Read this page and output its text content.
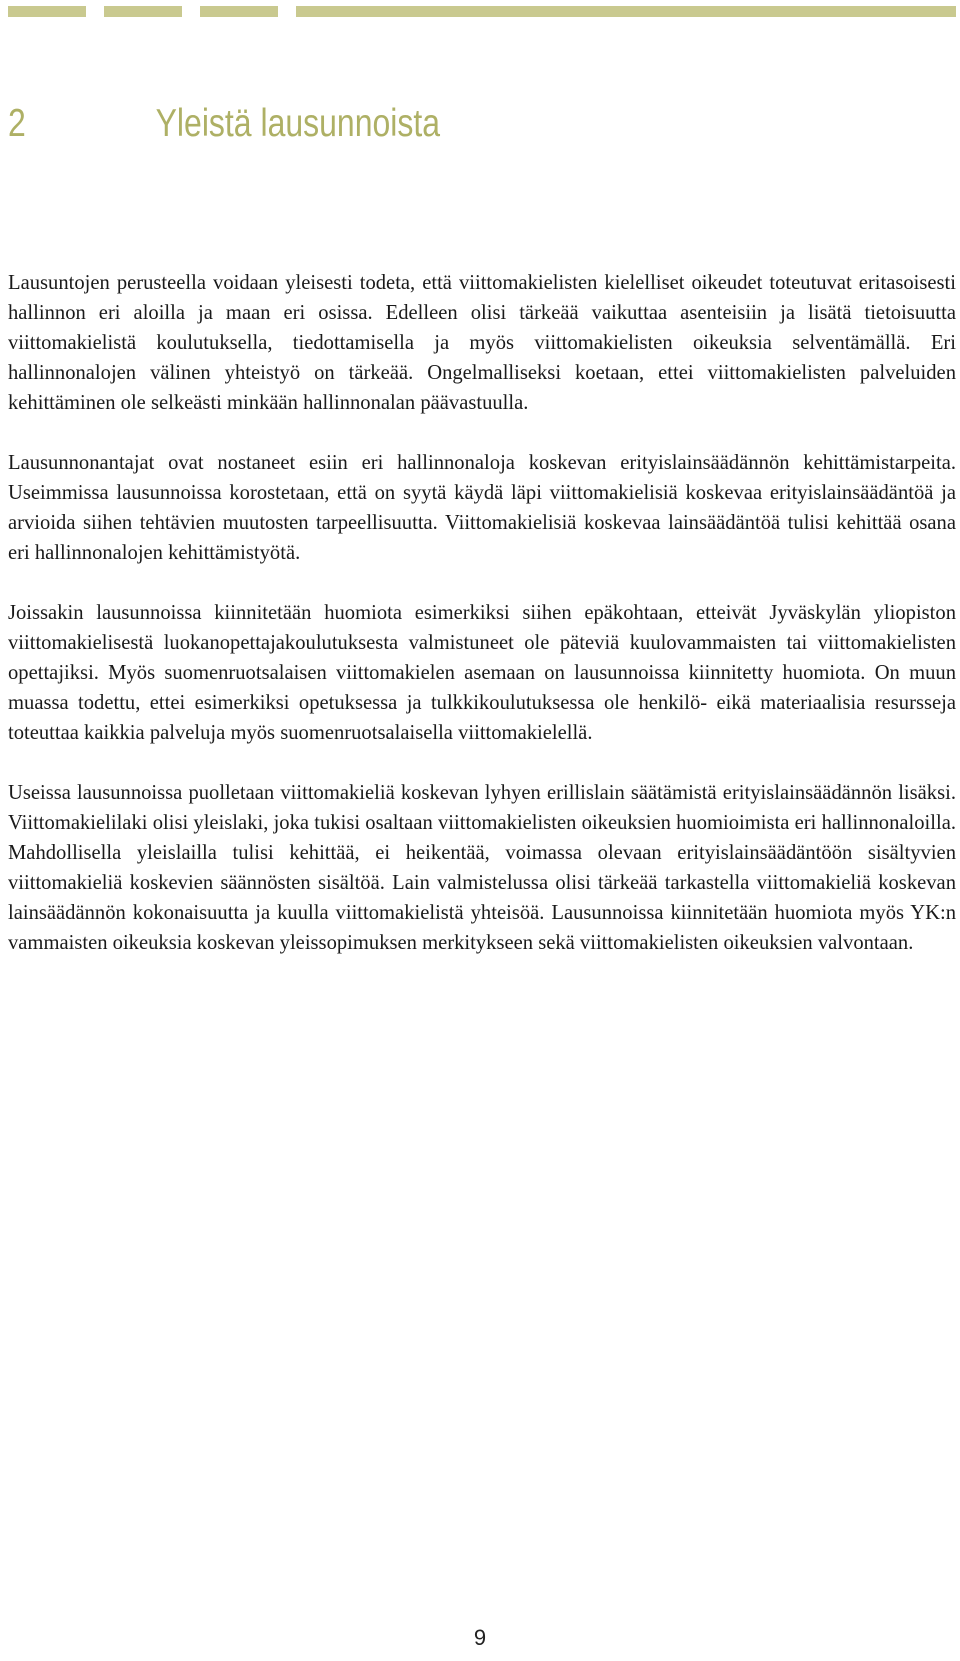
2	Yleistä lausunnoista

Lausuntojen perusteella voidaan yleisesti todeta, että viittomakielisten kielelliset oikeudet toteutuvat eritasoisesti hallinnon eri aloilla ja maan eri osissa. Edelleen olisi tärkeää vaikuttaa asenteisiin ja lisätä tietoisuutta viittomakielistä koulutuksella, tiedottamisella ja myös viittomakielisten oikeuksia selventämällä. Eri hallinnonalojen välinen yhteistyö on tärkeää. Ongelmalliseksi koetaan, ettei viittomakielisten palveluiden kehittäminen ole selkeästi minkään hallinnonalan päävastuulla.

Lausunnonantajat ovat nostaneet esiin eri hallinnonaloja koskevan erityislainsäädännön kehittämistarpeita. Useimmissa lausunnoissa korostetaan, että on syytä käydä läpi viittomakielisiä koskevaa erityislainsäädäntöä ja arvioida siihen tehtävien muutosten tarpeellisuutta. Viittomakielisiä koskevaa lainsäädäntöä tulisi kehittää osana eri hallinnonalojen kehittämistyötä.

Joissakin lausunnoissa kiinnitetään huomiota esimerkiksi siihen epäkohtaan, etteivät Jyväskylän yliopiston viittomakielisestä luokanopettajakoulutuksesta valmistuneet ole päteviä kuulovammaisten tai viittomakielisten opettajiksi. Myös suomenruotsalaisen viittomakielen asemaan on lausunnoissa kiinnitetty huomiota. On muun muassa todettu, ettei esimerkiksi opetuksessa ja tulkkikoulutuksessa ole henkilö- eikä materiaalisia resursseja toteuttaa kaikkia palveluja myös suomenruotsalaisella viittomakielellä.

Useissa lausunnoissa puolletaan viittomakieliä koskevan lyhyen erillislain säätämistä erityislainsäädännön lisäksi. Viittomakielilaki olisi yleislaki, joka tukisi osaltaan viittomakielisten oikeuksien huomioimista eri hallinnonaloilla. Mahdollisella yleislailla tulisi kehittää, ei heikentää, voimassa olevaan erityislainsäädäntöön sisältyvien viittomakieliä koskevien säännösten sisältöä. Lain valmistelussa olisi tärkeää tarkastella viittomakieliä koskevan lainsäädännön kokonaisuutta ja kuulla viittomakielistä yhteisöä. Lausunnoissa kiinnitetään huomiota myös YK:n vammaisten oikeuksia koskevan yleissopimuksen merkitykseen sekä viittomakielisten oikeuksien valvontaan.

9
